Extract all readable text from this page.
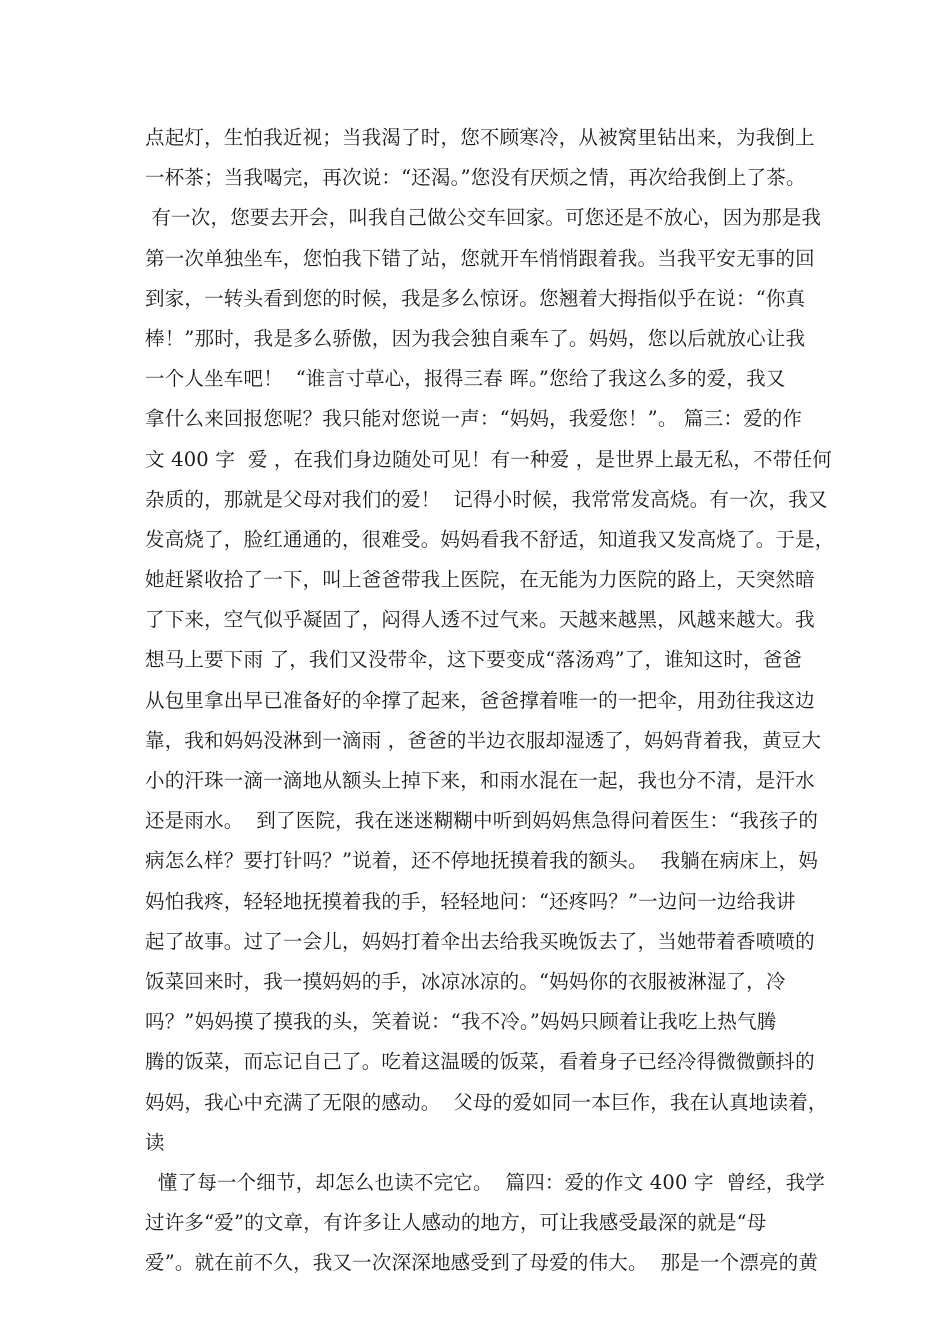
点起灯，生怕我近视；当我渴了时，您不顾寒冷，从被窝里钻出来，为我倒上
一杯茶；当我喝完，再次说：“还渴。”您没有厌烦之情，再次给我倒上了茶。
有一次，您要去开会，叫我自己做公交车回家。可您还是不放心，因为那是我
第一次单独坐车，您怕我下错了站，您就开车悄悄跟着我。当我平安无事的回
到家，一转头看到您的时候，我是多么惊讶。您翘着大拇指似乎在说：“你真
棒！”那时，我是多么骄傲，因为我会独自乘车了。妈妈，您以后就放心让我
一个人坐车吧！  “谁言寸草心，报得三春 晖。”您给了我这么多的爱，我又
拿什么来回报您呢？我只能对您说一声：“妈妈，我爱您！”。 篇三：爱的作
文 400 字  爱 ，在我们身边随处可见！有一种爱 ，是世界上最无私，不带任何
杂质的，那就是父母对我们的爱！  记得小时候，我常常发高烧。有一次，我又
发高烧了，脸红通通的，很难受。妈妈看我不舒适，知道我又发高烧了。于是，
她赶紧收拾了一下，叫上爸爸带我上医院，在无能为力医院的路上，天突然暗
了下来，空气似乎凝固了，闷得人透不过气来。天越来越黑，风越来越大。我
想马上要下雨 了，我们又没带伞，这下要变成“落汤鸡”了，谁知这时，爸爸
从包里拿出早已准备好的伞撑了起来，爸爸撑着唯一的一把伞，用劲往我这边
靠，我和妈妈没淋到一滴雨 ，爸爸的半边衣服却湿透了，妈妈背着我，黄豆大
小的汗珠一滴一滴地从额头上掉下来，和雨水混在一起，我也分不清，是汗水
还是雨水。  到了医院，我在迷迷糊糊中听到妈妈焦急得问着医生：“我孩子的
病怎么样？要打针吗？”说着，还不停地抚摸着我的额头。  我躺在病床上，妈
妈怕我疼，轻轻地抚摸着我的手，轻轻地问：“还疼吗？”一边问一边给我讲
起了故事。过了一会儿，妈妈打着伞出去给我买晚饭去了，当她带着香喷喷的
饭菜回来时，我一摸妈妈的手，冰凉冰凉的。“妈妈你的衣服被淋湿了，冷
吗？”妈妈摸了摸我的头，笑着说：“我不冷。”妈妈只顾着让我吃上热气腾
腾的饭菜，而忘记自己了。吃着这温暖的饭菜，看着身子已经冷得微微颤抖的
妈妈，我心中充满了无限的感动。  父母的爱如同一本巨作，我在认真地读着，
读
懂了每一个细节，却怎么也读不完它。  篇四：爱的作文 400 字  曾经，我学
过许多“爱”的文章，有许多让人感动的地方，可让我感受最深的就是“母
爱”。就在前不久，我又一次深深地感受到了母爱的伟大。  那是一个漂亮的黄
